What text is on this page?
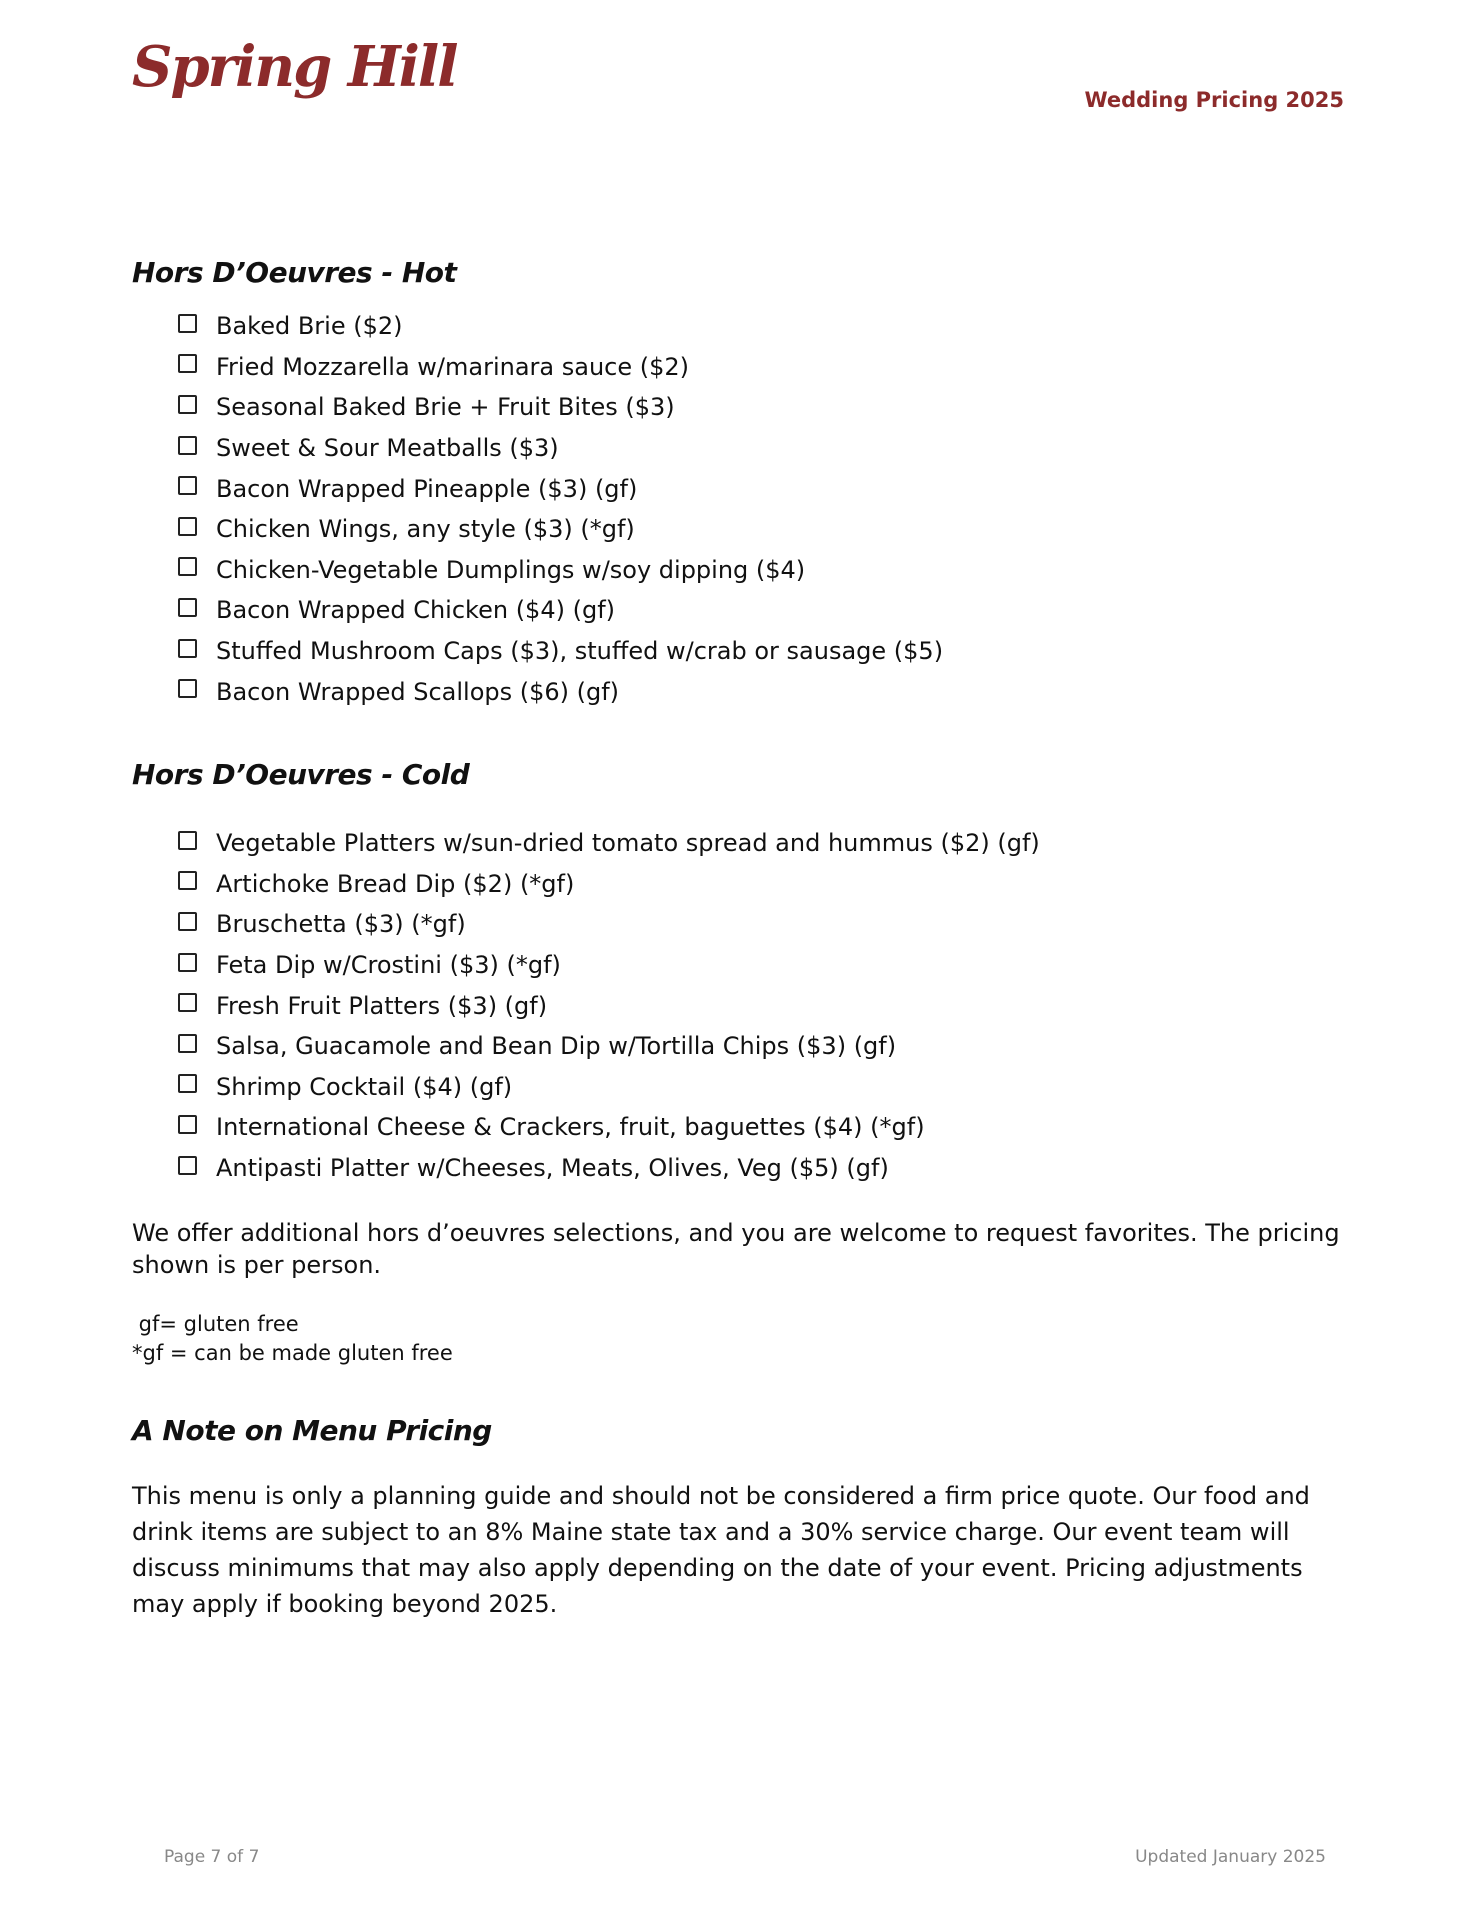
Spring Hill	Wedding Pricing 2025
Hors D’Oeuvres - Hot
Baked Brie ($2)
Fried Mozzarella w/marinara sauce ($2)
Seasonal Baked Brie + Fruit Bites ($3)
Sweet & Sour Meatballs ($3)
Bacon Wrapped Pineapple ($3) (gf)
Chicken Wings, any style ($3) (*gf)
Chicken-Vegetable Dumplings w/soy dipping ($4)
Bacon Wrapped Chicken ($4) (gf)
Stuffed Mushroom Caps ($3), stuffed w/crab or sausage ($5)
Bacon Wrapped Scallops ($6) (gf)
Hors D’Oeuvres - Cold
Vegetable Platters w/sun-dried tomato spread and hummus ($2) (gf)
Artichoke Bread Dip ($2) (*gf)
Bruschetta ($3) (*gf)
Feta Dip w/Crostini ($3) (*gf)
Fresh Fruit Platters ($3) (gf)
Salsa, Guacamole and Bean Dip w/Tortilla Chips ($3) (gf)
Shrimp Cocktail ($4) (gf)
International Cheese & Crackers, fruit, baguettes ($4) (*gf)
Antipasti Platter w/Cheeses, Meats, Olives, Veg ($5) (gf)

We offer additional hors d’oeuvres selections, and you are welcome to request favorites. The pricing shown is per person.

gf= gluten free
*gf = can be made gluten free
A Note on Menu Pricing

This menu is only a planning guide and should not be considered a firm price quote. Our food and drink items are subject to an 8% Maine state tax and a 30% service charge. Our event team will discuss minimums that may also apply depending on the date of your event. Pricing adjustments may apply if booking beyond 2025.

Page 7 of 7	Updated January 2025
